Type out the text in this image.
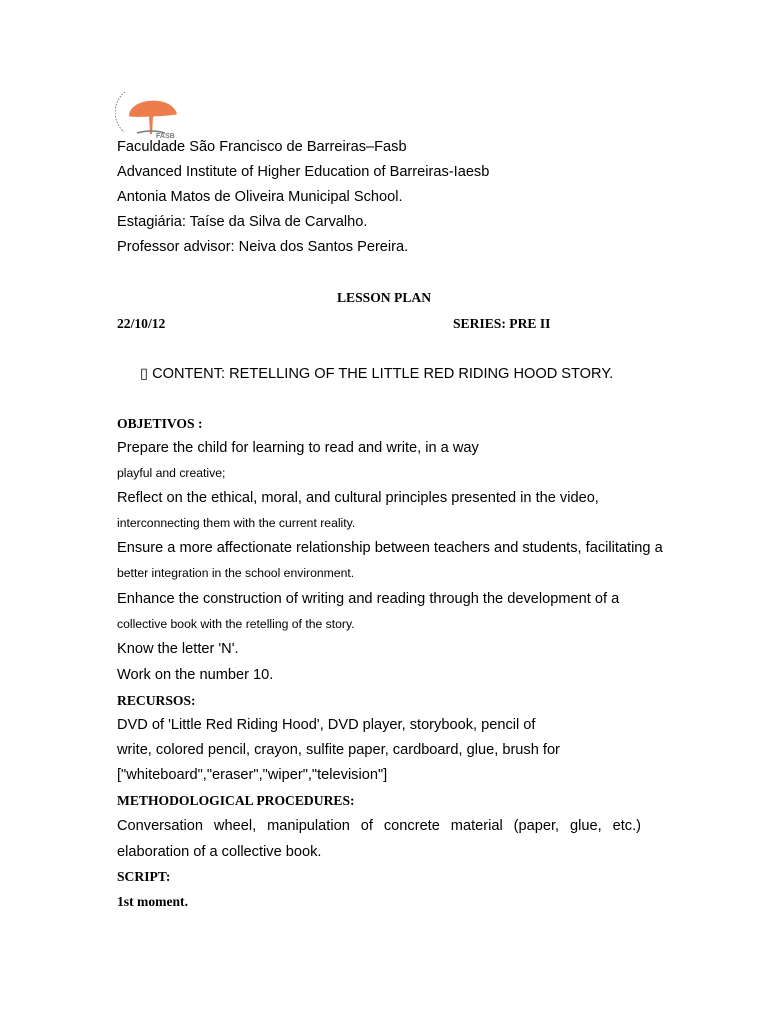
FASB
Faculdade São Francisco de Barreiras–Fasb
Advanced Institute of Higher Education of Barreiras-Iaesb
Antonia Matos de Oliveira Municipal School.
Estagiária: Taíse da Silva de Carvalho.
Professor advisor: Neiva dos Santos Pereira.
LESSON PLAN
22/10/12	SERIES: PRE II
▯ CONTENT: RETELLING OF THE LITTLE RED RIDING HOOD STORY.
OBJETIVOS :
Prepare the child for learning to read and write, in a way
playful and creative;
Reflect on the ethical, moral, and cultural principles presented in the video,
interconnecting them with the current reality.
Ensure a more affectionate relationship between teachers and students, facilitating a
better integration in the school environment.
Enhance the construction of writing and reading through the development of a
collective book with the retelling of the story.
Know the letter 'N'.
Work on the number 10.
RECURSOS:
DVD of 'Little Red Riding Hood', DVD player, storybook, pencil of
write, colored pencil, crayon, sulfite paper, cardboard, glue, brush for
["whiteboard","eraser","wiper","television"]
METHODOLOGICAL PROCEDURES:
Conversation wheel, manipulation of concrete material (paper, glue, etc.)
elaboration of a collective book.
SCRIPT:
1st moment.
